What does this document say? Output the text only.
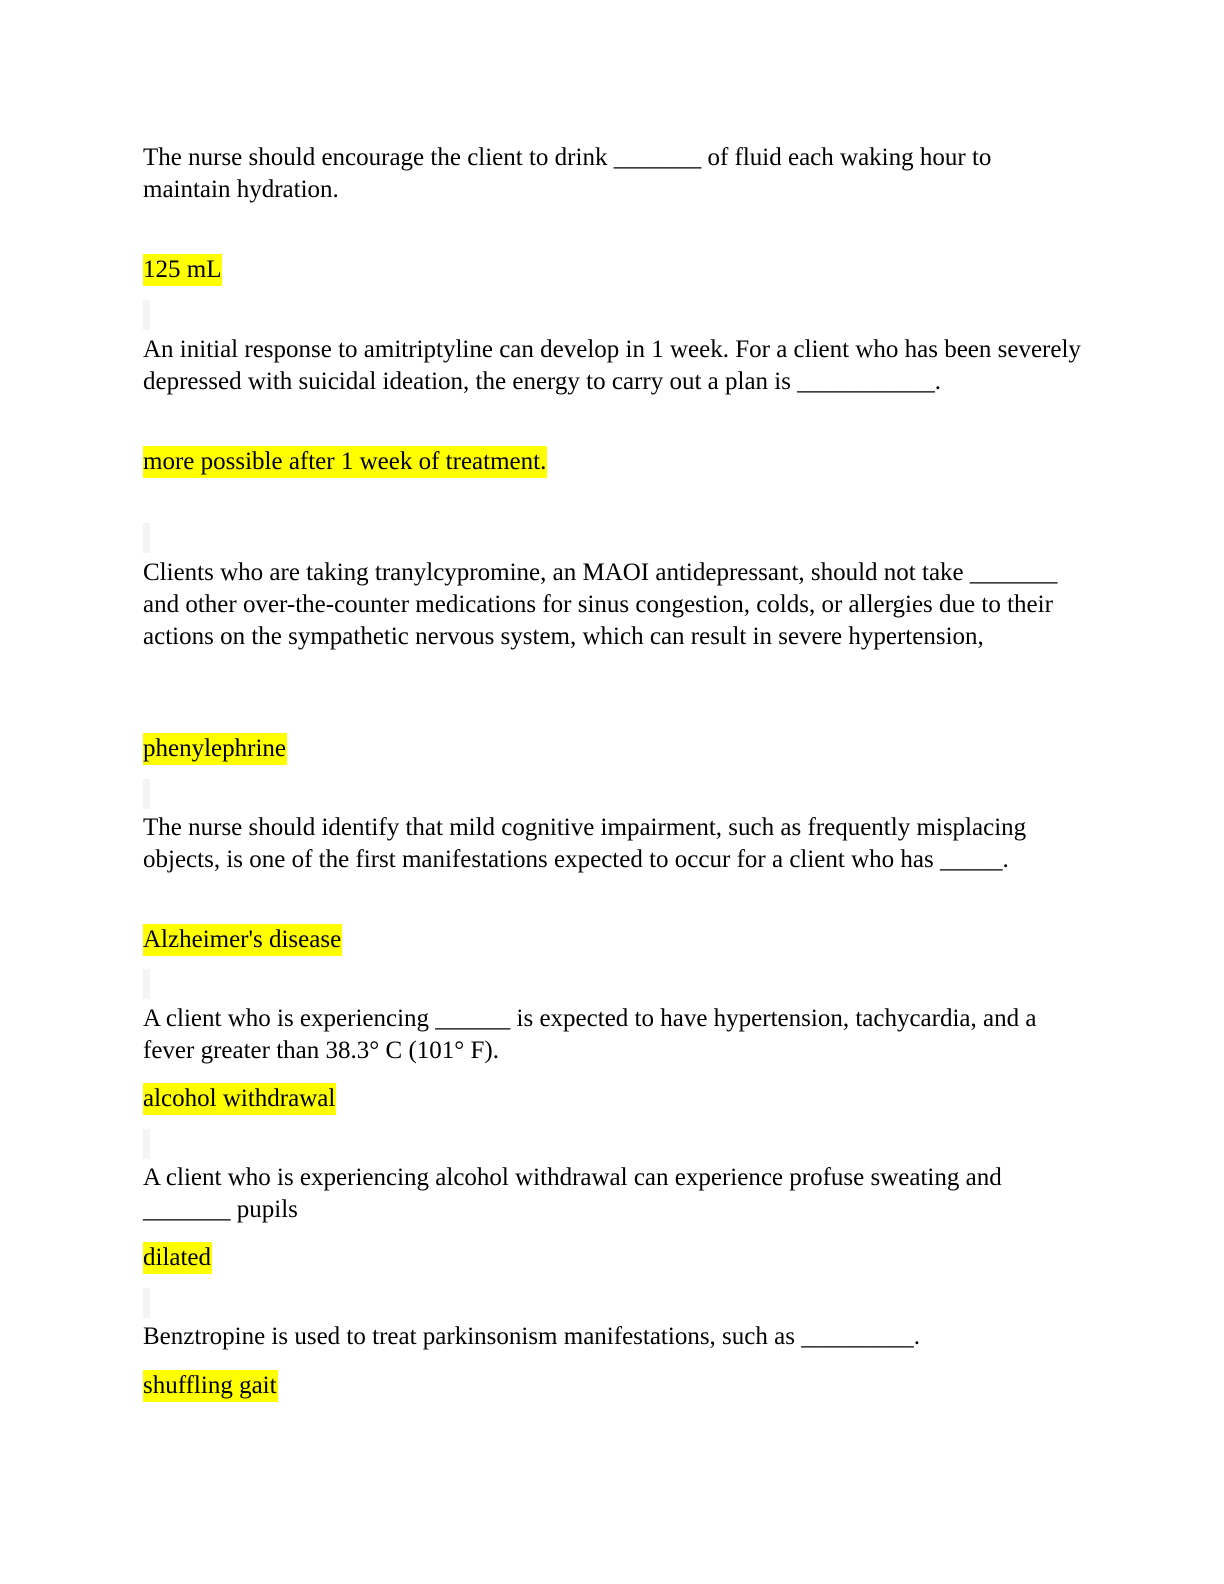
The nurse should encourage the client to drink _______ of fluid each waking hour to maintain hydration.

125 mL

An initial response to amitriptyline can develop in 1 week. For a client who has been severely depressed with suicidal ideation, the energy to carry out a plan is ___________.

more possible after 1 week of treatment.

Clients who are taking tranylcypromine, an MAOI antidepressant, should not take _______ and other over-the-counter medications for sinus congestion, colds, or allergies due to their actions on the sympathetic nervous system, which can result in severe hypertension,

phenylephrine

The nurse should identify that mild cognitive impairment, such as frequently misplacing objects, is one of the first manifestations expected to occur for a client who has _____.

Alzheimer's disease

A client who is experiencing ______ is expected to have hypertension, tachycardia, and a fever greater than 38.3° C (101° F).

alcohol withdrawal

A client who is experiencing alcohol withdrawal can experience profuse sweating and _______ pupils

dilated

Benztropine is used to treat parkinsonism manifestations, such as _________.

shuffling gait
